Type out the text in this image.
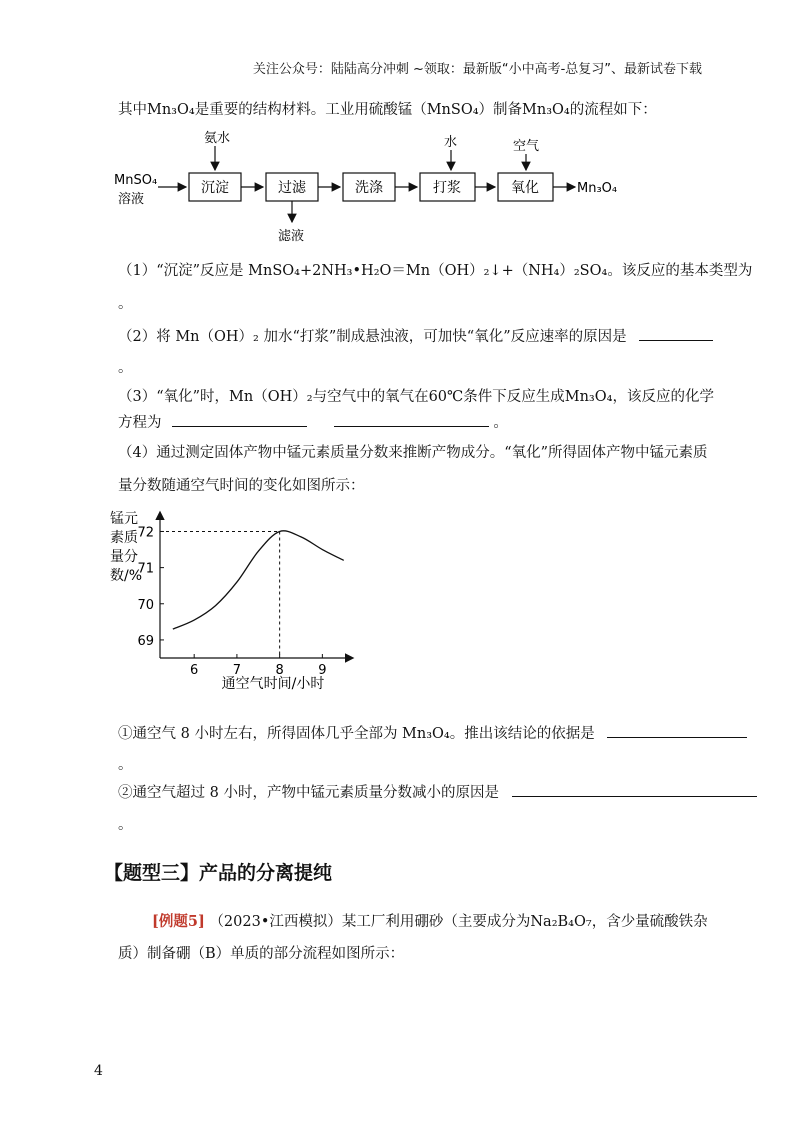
关注公众号：陆陆高分冲刺 ~领取：最新版“小中高考-总复习”、最新试卷下载
其中Mn₃O₄是重要的结构材料。工业用硫酸锰（MnSO₄）制备Mn₃O₄的流程如下：
MnSO₄
溶液
沉淀	过滤	洗涤	打浆	氧化	Mn₃O₄
氨水	水	空气
滤液
（1）“沉淀”反应是 MnSO₄+2NH₃•H₂O＝Mn（OH）₂↓+（NH₄）₂SO₄。该反应的基本类型为
。
（2）将 Mn（OH）₂ 加水“打浆”制成悬浊液，可加快“氧化”反应速率的原因是
。
（3）“氧化”时，Mn（OH）₂与空气中的氧气在60℃条件下反应生成Mn₃O₄，该反应的化学
方程为	。
（4）通过测定固体产物中锰元素质量分数来推断产物成分。“氧化”所得固体产物中锰元素质
量分数随通空气时间的变化如图所示：
锰元
素质
量分
数/%
69
70
71
72
6	7	8	9
通空气时间/小时
①通空气 8 小时左右，所得固体几乎全部为 Mn₃O₄。推出该结论的依据是
。
②通空气超过 8 小时，产物中锰元素质量分数减小的原因是
。
【题型三】产品的分离提纯
[例题5] （2023•江西模拟）某工厂利用硼砂（主要成分为Na₂B₄O₇，含少量硫酸铁杂
质）制备硼（B）单质的部分流程如图所示：
4
